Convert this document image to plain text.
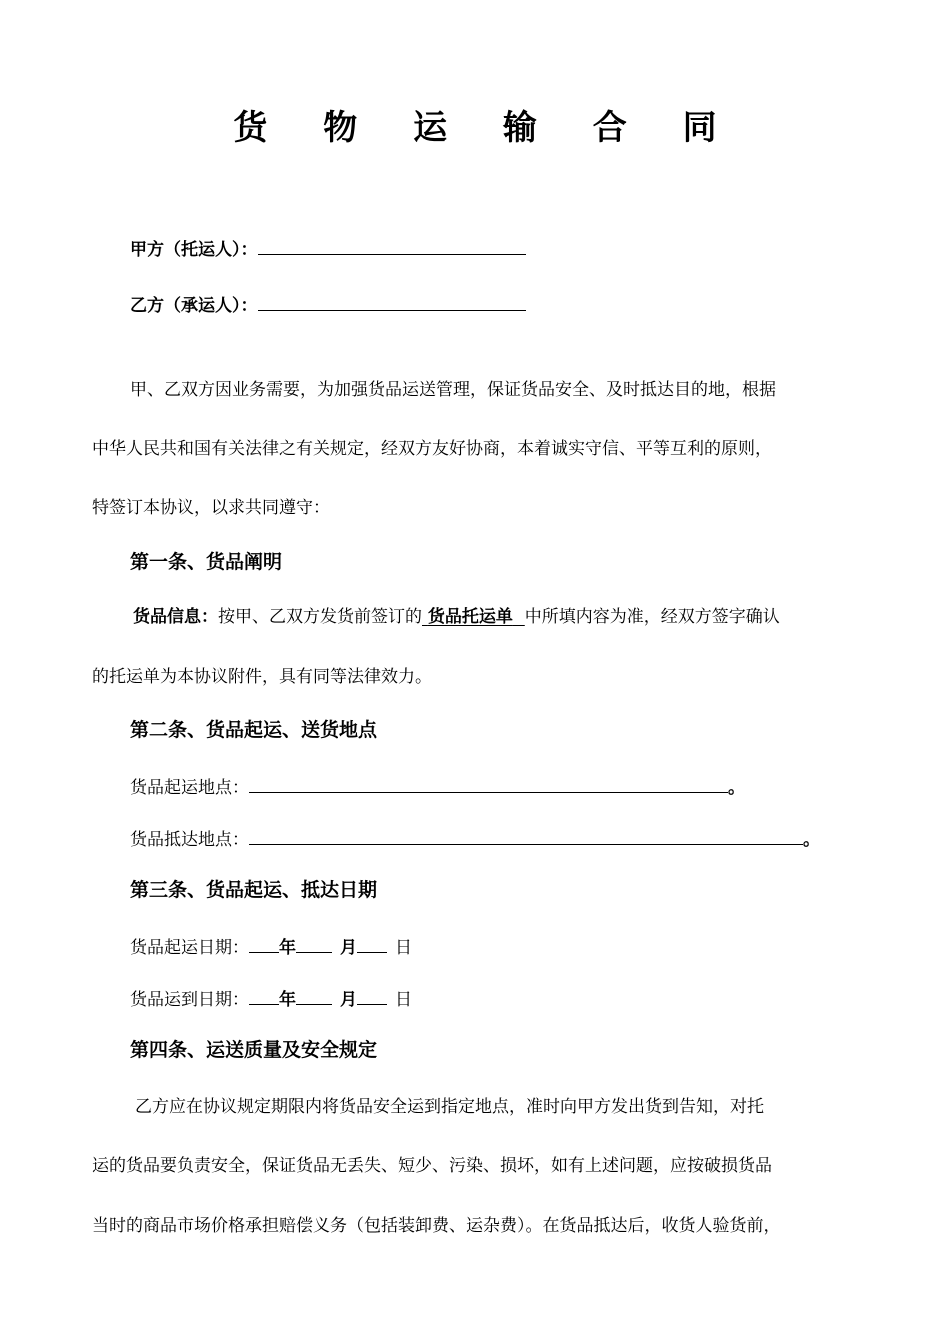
货 物 运 输 合 同
甲方（托运人）：
乙方（承运人）：
甲、乙双方因业务需要，为加强货品运送管理，保证货品安全、及时抵达目的地，根据
中华人民共和国有关法律之有关规定，经双方友好协商，本着诚实守信、平等互利的原则，
特签订本协议，以求共同遵守：
第一条、货品阐明
货品信息：按甲、乙双方发货前签订的 货品托运单 中所填内容为准，经双方签字确认
的托运单为本协议附件，具有同等法律效力。
第二条、货品起运、送货地点
货品起运地点：	。
货品抵达地点：	。
第三条、货品起运、抵达日期
货品起运日期： 年	月 日
货品运到日期： 年	月 日
第四条、运送质量及安全规定
乙方应在协议规定期限内将货品安全运到指定地点，准时向甲方发出货到告知，对托
运的货品要负责安全，保证货品无丢失、短少、污染、损坏，如有上述问题，应按破损货品
当时的商品市场价格承担赔偿义务（包括装卸费、运杂费）。在货品抵达后，收货人验货前，
